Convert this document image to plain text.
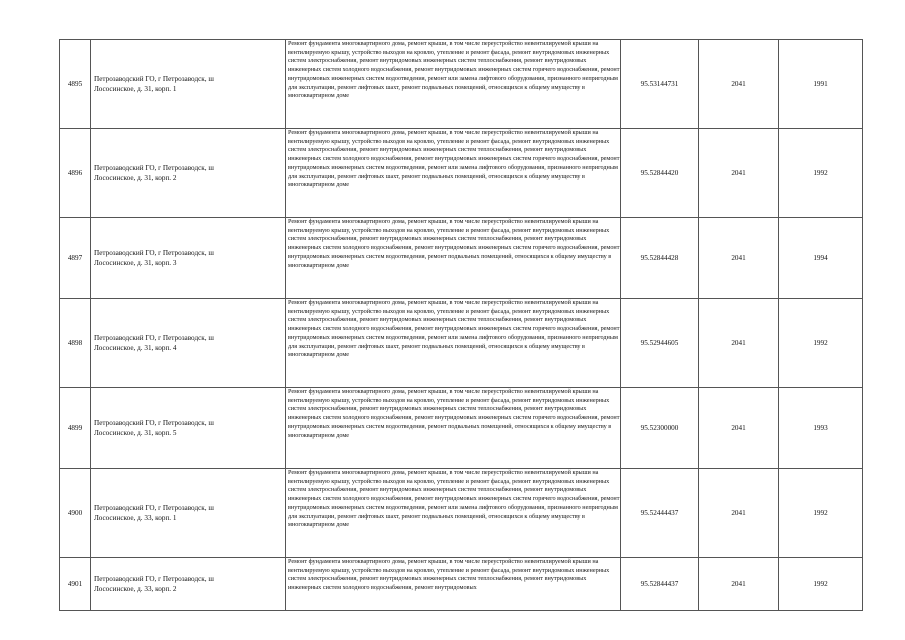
4895	Петрозаводский ГО, г Петрозаводск, ш
Лососинское, д. 31, корп. 1	Ремонт фундамента многоквартирного дома, ремонт крыши, в том числе переустройство невентилируемой крыши на вентилируемую крышу, устройство выходов на кровлю, утепление и ремонт фасада, ремонт внутридомовых инженерных систем электроснабжения, ремонт внутридомовых инженерных систем теплоснабжения, ремонт внутридомовых инженерных систем холодного водоснабжения, ремонт внутридомовых инженерных систем горячего водоснабжения, ремонт внутридомовых инженерных систем водоотведения, ремонт или замена лифтового оборудования, признанного непригодным для эксплуатации, ремонт лифтовых шахт, ремонт подвальных помещений, относящихся к общему имуществу в многоквартирном доме	95.53144731	2041	1991
4896	Петрозаводский ГО, г Петрозаводск, ш
Лососинское, д. 31, корп. 2	Ремонт фундамента многоквартирного дома, ремонт крыши, в том числе переустройство невентилируемой крыши на вентилируемую крышу, устройство выходов на кровлю, утепление и ремонт фасада, ремонт внутридомовых инженерных систем электроснабжения, ремонт внутридомовых инженерных систем теплоснабжения, ремонт внутридомовых инженерных систем холодного водоснабжения, ремонт внутридомовых инженерных систем горячего водоснабжения, ремонт внутридомовых инженерных систем водоотведения, ремонт или замена лифтового оборудования, признанного непригодным для эксплуатации, ремонт лифтовых шахт, ремонт подвальных помещений, относящихся к общему имуществу в многоквартирном доме	95.52844420	2041	1992
4897	Петрозаводский ГО, г Петрозаводск, ш
Лососинское, д. 31, корп. 3	Ремонт фундамента многоквартирного дома, ремонт крыши, в том числе переустройство невентилируемой крыши на вентилируемую крышу, устройство выходов на кровлю, утепление и ремонт фасада, ремонт внутридомовых инженерных систем электроснабжения, ремонт внутридомовых инженерных систем теплоснабжения, ремонт внутридомовых инженерных систем холодного водоснабжения, ремонт внутридомовых инженерных систем горячего водоснабжения, ремонт внутридомовых инженерных систем водоотведения, ремонт подвальных помещений, относящихся к общему имуществу в многоквартирном доме	95.52844428	2041	1994
4898	Петрозаводский ГО, г Петрозаводск, ш
Лососинское, д. 31, корп. 4	Ремонт фундамента многоквартирного дома, ремонт крыши, в том числе переустройство невентилируемой крыши на вентилируемую крышу, устройство выходов на кровлю, утепление и ремонт фасада, ремонт внутридомовых инженерных систем электроснабжения, ремонт внутридомовых инженерных систем теплоснабжения, ремонт внутридомовых инженерных систем холодного водоснабжения, ремонт внутридомовых инженерных систем горячего водоснабжения, ремонт внутридомовых инженерных систем водоотведения, ремонт или замена лифтового оборудования, признанного непригодным для эксплуатации, ремонт лифтовых шахт, ремонт подвальных помещений, относящихся к общему имуществу в многоквартирном доме	95.52944605	2041	1992
4899	Петрозаводский ГО, г Петрозаводск, ш
Лососинское, д. 31, корп. 5	Ремонт фундамента многоквартирного дома, ремонт крыши, в том числе переустройство невентилируемой крыши на вентилируемую крышу, устройство выходов на кровлю, утепление и ремонт фасада, ремонт внутридомовых инженерных систем электроснабжения, ремонт внутридомовых инженерных систем теплоснабжения, ремонт внутридомовых инженерных систем холодного водоснабжения, ремонт внутридомовых инженерных систем горячего водоснабжения, ремонт внутридомовых инженерных систем водоотведения, ремонт подвальных помещений, относящихся к общему имуществу в многоквартирном доме	95.52300000	2041	1993
4900	Петрозаводский ГО, г Петрозаводск, ш
Лососинское, д. 33, корп. 1	Ремонт фундамента многоквартирного дома, ремонт крыши, в том числе переустройство невентилируемой крыши на вентилируемую крышу, устройство выходов на кровлю, утепление и ремонт фасада, ремонт внутридомовых инженерных систем электроснабжения, ремонт внутридомовых инженерных систем теплоснабжения, ремонт внутридомовых инженерных систем холодного водоснабжения, ремонт внутридомовых инженерных систем горячего водоснабжения, ремонт внутридомовых инженерных систем водоотведения, ремонт или замена лифтового оборудования, признанного непригодным для эксплуатации, ремонт лифтовых шахт, ремонт подвальных помещений, относящихся к общему имуществу в многоквартирном доме	95.52444437	2041	1992
4901	Петрозаводский ГО, г Петрозаводск, ш
Лососинское, д. 33, корп. 2	Ремонт фундамента многоквартирного дома, ремонт крыши, в том числе переустройство невентилируемой крыши на вентилируемую крышу, устройство выходов на кровлю, утепление и ремонт фасада, ремонт внутридомовых инженерных систем электроснабжения, ремонт внутридомовых инженерных систем теплоснабжения, ремонт внутридомовых инженерных систем холодного водоснабжения, ремонт внутридомовых	95.52844437	2041	1992
